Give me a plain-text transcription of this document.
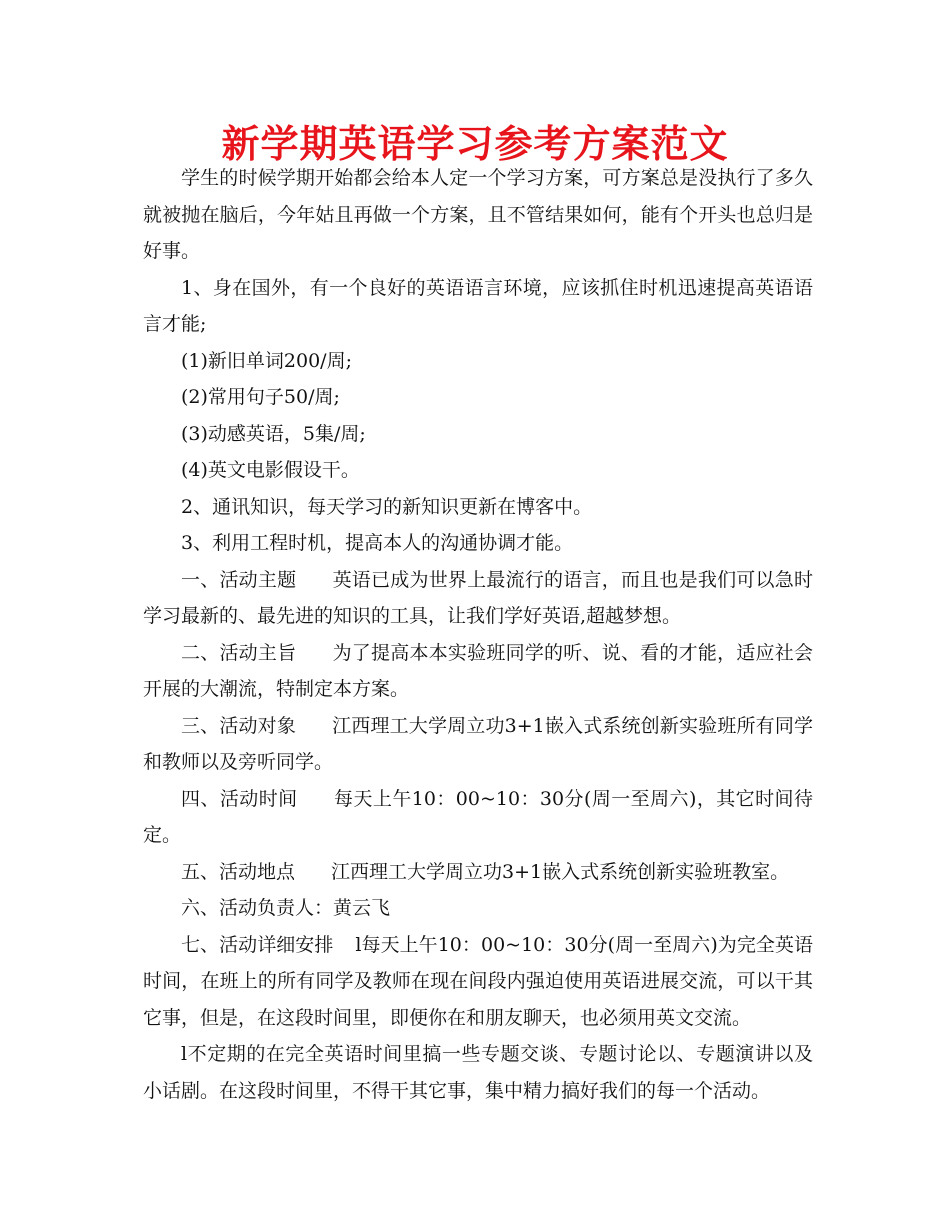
新学期英语学习参考方案范文

学生的时候学期开始都会给本人定一个学习方案，可方案总是没执行了多久就被抛在脑后，今年姑且再做一个方案，且不管结果如何，能有个开头也总归是好事。

1、身在国外，有一个良好的英语语言环境，应该抓住时机迅速提高英语语言才能;

(1)新旧单词200/周;

(2)常用句子50/周;

(3)动感英语，5集/周;

(4)英文电影假设干。

2、通讯知识，每天学习的新知识更新在博客中。

3、利用工程时机，提高本人的沟通协调才能。

一、活动主题 英语已成为世界上最流行的语言，而且也是我们可以急时学习最新的、最先进的知识的工具，让我们学好英语,超越梦想。

二、活动主旨 为了提高本本实验班同学的听、说、看的才能，适应社会开展的大潮流，特制定本方案。

三、活动对象 江西理工大学周立功3+1嵌入式系统创新实验班所有同学和教师以及旁听同学。

四、活动时间 每天上午10：00~10：30分(周一至周六)，其它时间待定。

五、活动地点 江西理工大学周立功3+1嵌入式系统创新实验班教室。

六、活动负责人：黄云飞

七、活动详细安排 l每天上午10：00~10：30分(周一至周六)为完全英语时间，在班上的所有同学及教师在现在间段内强迫使用英语进展交流，可以干其它事，但是，在这段时间里，即便你在和朋友聊天，也必须用英文交流。

l不定期的在完全英语时间里搞一些专题交谈、专题讨论以、专题演讲以及小话剧。在这段时间里，不得干其它事，集中精力搞好我们的每一个活动。
